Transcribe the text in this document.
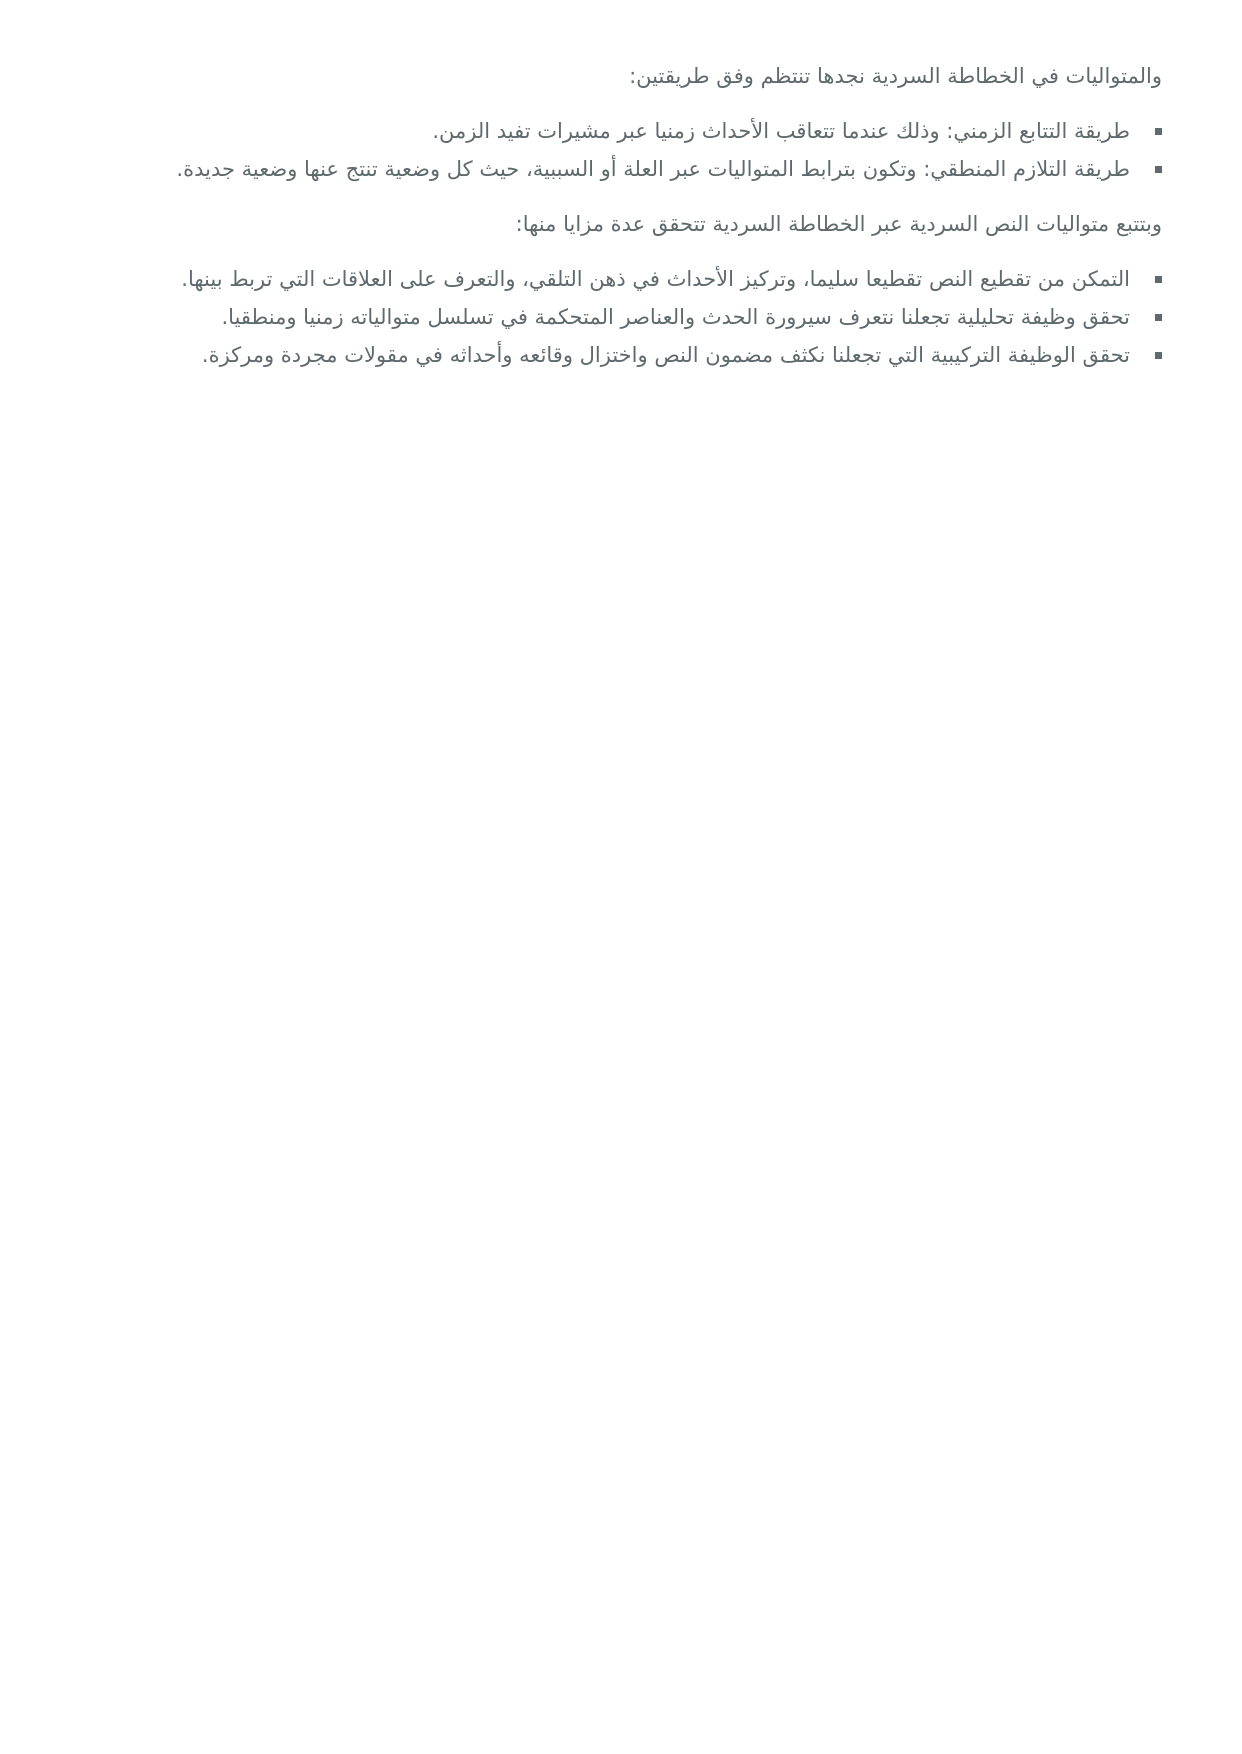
والمتواليات في الخطاطة السردية نجدها تنتظم وفق طريقتين:

طريقة التتابع الزمني: وذلك عندما تتعاقب الأحداث زمنيا عبر مشيرات تفيد الزمن.
طريقة التلازم المنطقي: وتكون بترابط المتواليات عبر العلة أو السببية، حيث كل وضعية تنتج عنها وضعية جديدة.

وبتتبع متواليات النص السردية عبر الخطاطة السردية تتحقق عدة مزايا منها:

التمكن من تقطيع النص تقطيعا سليما، وتركيز الأحداث في ذهن التلقي، والتعرف على العلاقات التي تربط بينها.
تحقق وظيفة تحليلية تجعلنا نتعرف سيرورة الحدث والعناصر المتحكمة في تسلسل متوالياته زمنيا ومنطقيا.
تحقق الوظيفة التركيبية التي تجعلنا نكثف مضمون النص واختزال وقائعه وأحداثه في مقولات مجردة ومركزة.
